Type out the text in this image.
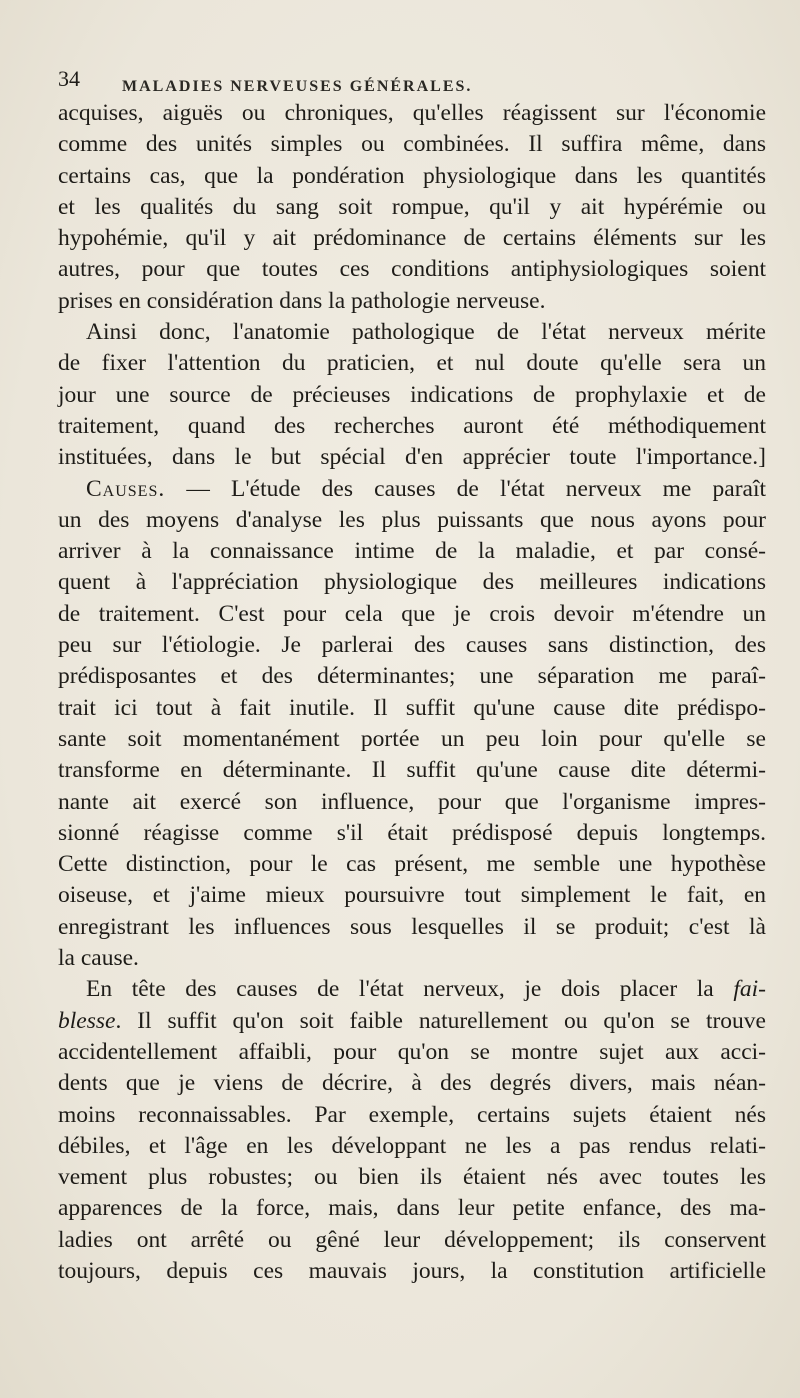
34	MALADIES NERVEUSES GÉNÉRALES.
acquises, aiguës ou chroniques, qu'elles réagissent sur l'économie
comme des unités simples ou combinées. Il suffira même, dans
certains cas, que la pondération physiologique dans les quantités
et les qualités du sang soit rompue, qu'il y ait hypérémie ou
hypohémie, qu'il y ait prédominance de certains éléments sur les
autres, pour que toutes ces conditions antiphysiologiques soient
prises en considération dans la pathologie nerveuse.
Ainsi donc, l'anatomie pathologique de l'état nerveux mérite
de fixer l'attention du praticien, et nul doute qu'elle sera un
jour une source de précieuses indications de prophylaxie et de
traitement, quand des recherches auront été méthodiquement
instituées, dans le but spécial d'en apprécier toute l'importance.]
Causes. — L'étude des causes de l'état nerveux me paraît
un des moyens d'analyse les plus puissants que nous ayons pour
arriver à la connaissance intime de la maladie, et par consé-
quent à l'appréciation physiologique des meilleures indications
de traitement. C'est pour cela que je crois devoir m'étendre un
peu sur l'étiologie. Je parlerai des causes sans distinction, des
prédisposantes et des déterminantes; une séparation me paraî-
trait ici tout à fait inutile. Il suffit qu'une cause dite prédispo-
sante soit momentanément portée un peu loin pour qu'elle se
transforme en déterminante. Il suffit qu'une cause dite détermi-
nante ait exercé son influence, pour que l'organisme impres-
sionné réagisse comme s'il était prédisposé depuis longtemps.
Cette distinction, pour le cas présent, me semble une hypothèse
oiseuse, et j'aime mieux poursuivre tout simplement le fait, en
enregistrant les influences sous lesquelles il se produit; c'est là
la cause.
En tête des causes de l'état nerveux, je dois placer la fai-
blesse. Il suffit qu'on soit faible naturellement ou qu'on se trouve
accidentellement affaibli, pour qu'on se montre sujet aux acci-
dents que je viens de décrire, à des degrés divers, mais néan-
moins reconnaissables. Par exemple, certains sujets étaient nés
débiles, et l'âge en les développant ne les a pas rendus relati-
vement plus robustes; ou bien ils étaient nés avec toutes les
apparences de la force, mais, dans leur petite enfance, des ma-
ladies ont arrêté ou gêné leur développement; ils conservent
toujours, depuis ces mauvais jours, la constitution artificielle
